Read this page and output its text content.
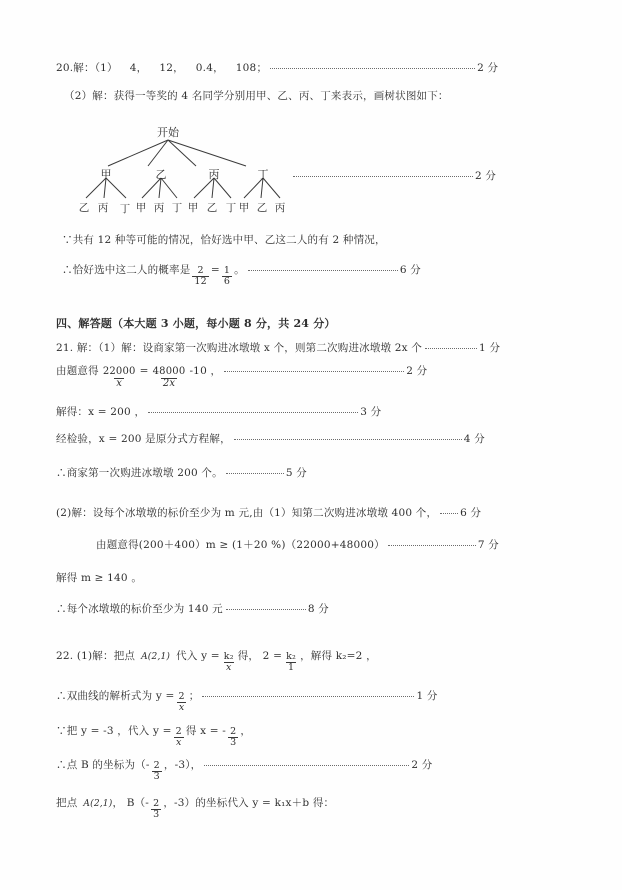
20.解：（1） 4， 12， 0.4， 108；	2 分
（2）解：获得一等奖的 4 名同学分别用甲、乙、丙、丁来表示，画树状图如下：
开始
甲	乙	丙	丁
乙 丙 丁 甲 丙 丁 甲 乙 丁 甲 乙 丙
2 分
∵共有 12 种等可能的情况，恰好选中甲、乙这二人的有 2 种情况，
∴恰好选中这二人的概率是 $\frac{2}{12} = \frac{1}{6}$ 。	6 分
四、解答题（本大题 3 小题，每小题 8 分，共 24 分）
21. 解：（1）解：设商家第一次购进冰墩墩 x 个，则第二次购进冰墩墩 2x 个	1 分
由题意得 $\frac{22000}{x} = \frac{48000}{2x} -10$ ，	2 分
解得：x = 200 ，	3 分
经检验，x = 200 是原分式方程解，	4 分
∴商家第一次购进冰墩墩 200 个。	5 分
(2)解：设每个冰墩墩的标价至少为 m 元,由（1）知第二次购进冰墩墩 400 个， 6 分
由题意得(200＋400）m ≥ (1＋20 %)（22000+48000）	7 分
解得 m ≥ 140 。
∴每个冰墩墩的标价至少为 140 元	8 分
22. (1)解：把点 A(2,1) 代入 $y = \frac{\text{k₂}}{x}$ 得， $2 = \frac{\text{k₂}}{1}$ ，解得 k₂=2 ，
∴双曲线的解析式为 $y = \frac{2}{x}$ ；	1 分
∵把 y = -3 ，代入 $y = \frac{2}{x}$ 得 x = - $\frac{2}{3}$ ，
∴点 B 的坐标为（- $\frac{2}{3}$ ，-3），	2 分
把点 A(2,1) ， $B(- \frac{2}{3}$ ，-3）的坐标代入 y = k₁x＋b 得：
